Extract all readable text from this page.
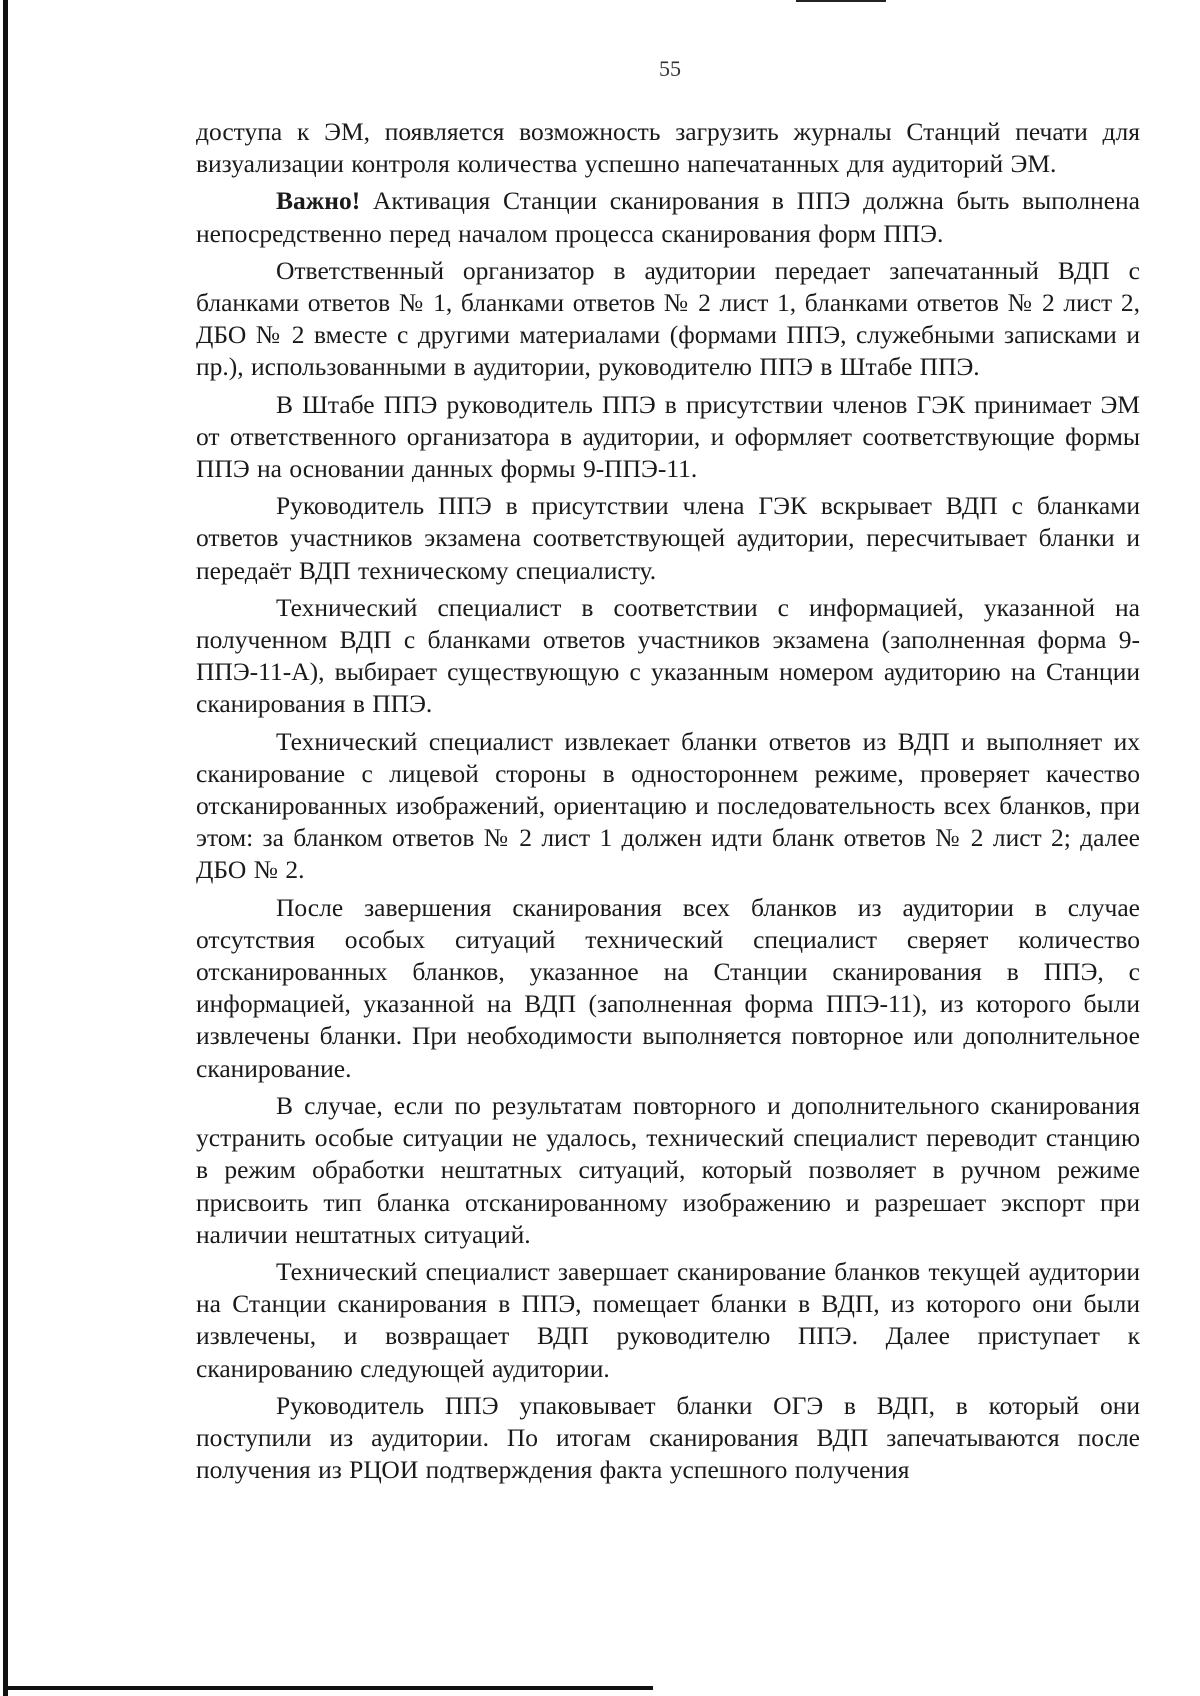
55

доступа к ЭМ, появляется возможность загрузить журналы Станций печати для визуализации контроля количества успешно напечатанных для аудиторий ЭМ.

Важно! Активация Станции сканирования в ППЭ должна быть выполнена непосредственно перед началом процесса сканирования форм ППЭ.

Ответственный организатор в аудитории передает запечатанный ВДП с бланками ответов № 1, бланками ответов № 2 лист 1, бланками ответов № 2 лист 2, ДБО № 2 вместе с другими материалами (формами ППЭ, служебными записками и пр.), использованными в аудитории, руководителю ППЭ в Штабе ППЭ.

В Штабе ППЭ руководитель ППЭ в присутствии членов ГЭК принимает ЭМ от ответственного организатора в аудитории, и оформляет соответствующие формы ППЭ на основании данных формы 9-ППЭ-11.

Руководитель ППЭ в присутствии члена ГЭК вскрывает ВДП с бланками ответов участников экзамена соответствующей аудитории, пересчитывает бланки и передаёт ВДП техническому специалисту.

Технический специалист в соответствии с информацией, указанной на полученном ВДП с бланками ответов участников экзамена (заполненная форма 9-ППЭ-11-А), выбирает существующую с указанным номером аудиторию на Станции сканирования в ППЭ.

Технический специалист извлекает бланки ответов из ВДП и выполняет их сканирование с лицевой стороны в одностороннем режиме, проверяет качество отсканированных изображений, ориентацию и последовательность всех бланков, при этом: за бланком ответов № 2 лист 1 должен идти бланк ответов № 2 лист 2; далее ДБО № 2.

После завершения сканирования всех бланков из аудитории в случае отсутствия особых ситуаций технический специалист сверяет количество отсканированных бланков, указанное на Станции сканирования в ППЭ, с информацией, указанной на ВДП (заполненная форма ППЭ-11), из которого были извлечены бланки. При необходимости выполняется повторное или дополнительное сканирование.

В случае, если по результатам повторного и дополнительного сканирования устранить особые ситуации не удалось, технический специалист переводит станцию в режим обработки нештатных ситуаций, который позволяет в ручном режиме присвоить тип бланка отсканированному изображению и разрешает экспорт при наличии нештатных ситуаций.

Технический специалист завершает сканирование бланков текущей аудитории на Станции сканирования в ППЭ, помещает бланки в ВДП, из которого они были извлечены, и возвращает ВДП руководителю ППЭ. Далее приступает к сканированию следующей аудитории.

Руководитель ППЭ упаковывает бланки ОГЭ в ВДП, в который они поступили из аудитории. По итогам сканирования ВДП запечатываются после получения из РЦОИ подтверждения факта успешного получения
